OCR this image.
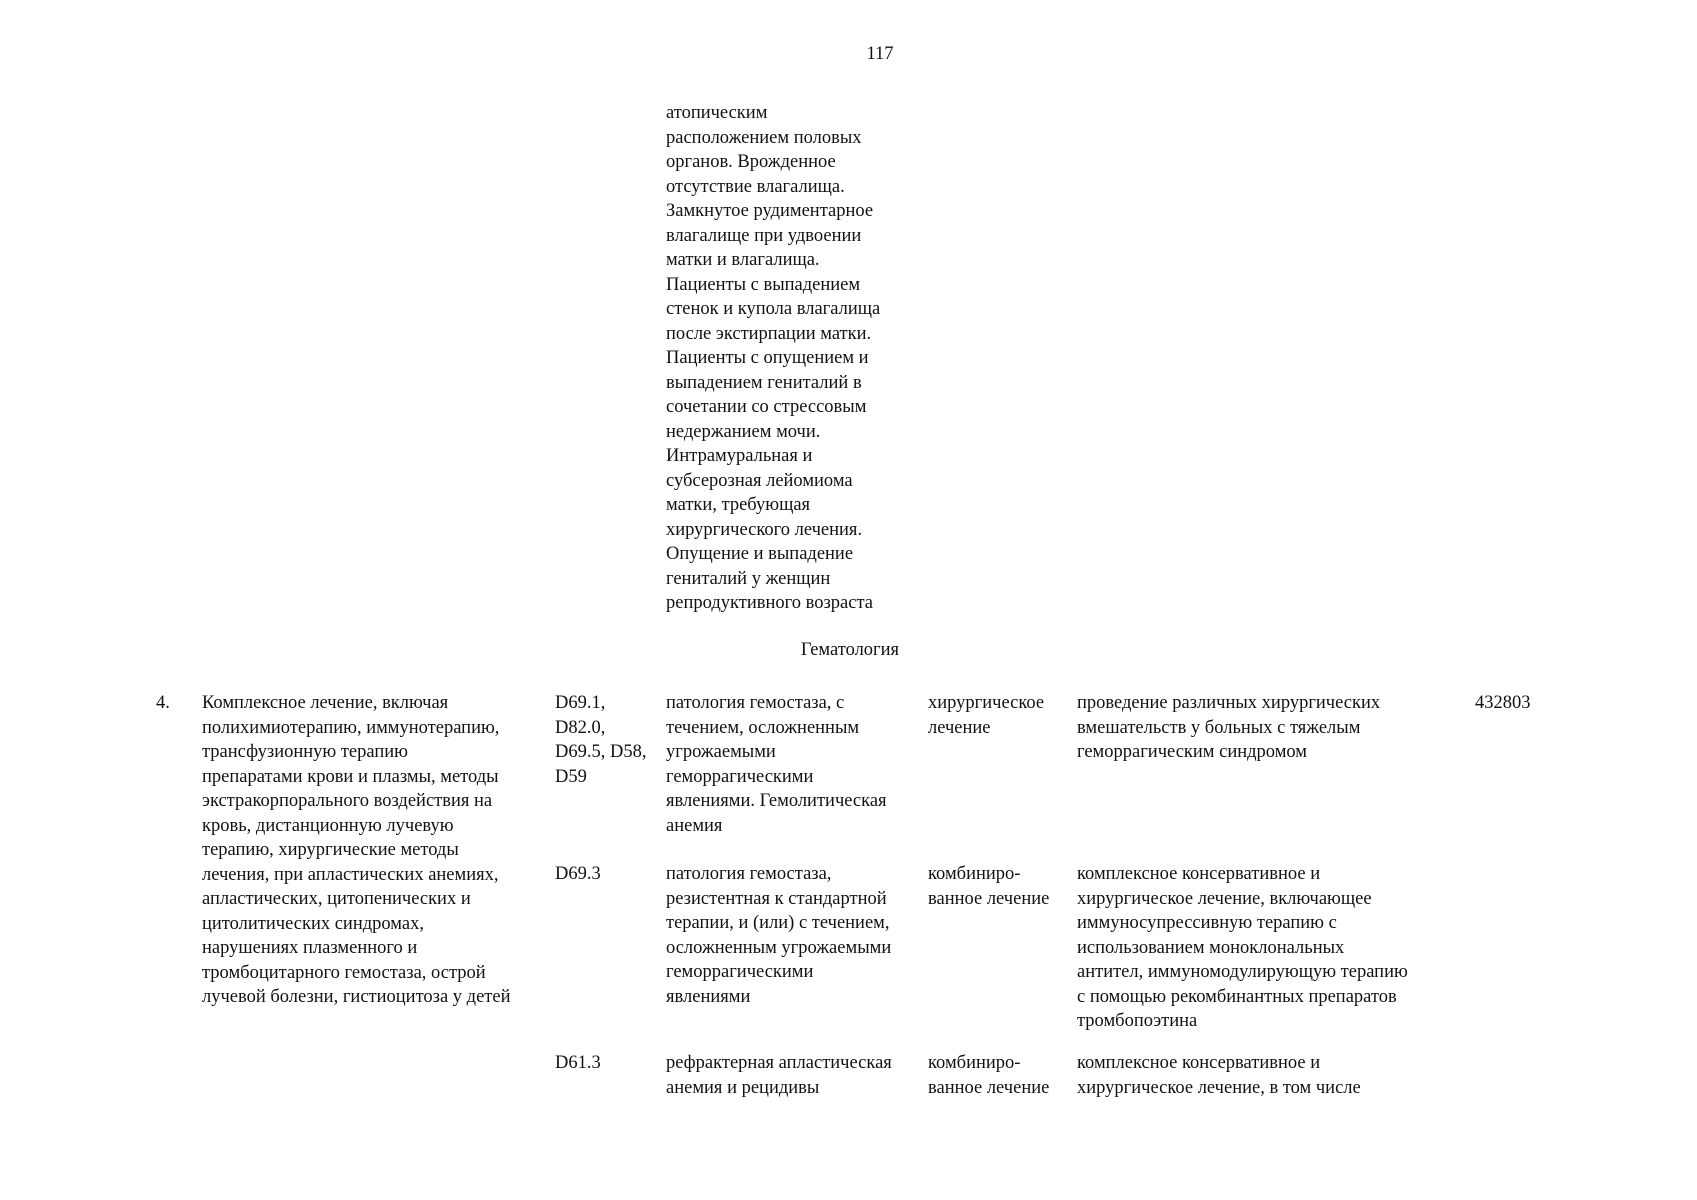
117
атопическим
расположением половых
органов. Врожденное
отсутствие влагалища.
Замкнутое рудиментарное
влагалище при удвоении
матки и влагалища.
Пациенты с выпадением
стенок и купола влагалища
после экстирпации матки.
Пациенты с опущением и
выпадением гениталий в
сочетании со стрессовым
недержанием мочи.
Интрамуральная и
субсерозная лейомиома
матки, требующая
хирургического лечения.
Опущение и выпадение
гениталий у женщин
репродуктивного возраста
Гематология
4. Комплексное лечение, включая
полихимиотерапию, иммунотерапию,
трансфузионную терапию
препаратами крови и плазмы, методы
экстракорпорального воздействия на
кровь, дистанционную лучевую
терапию, хирургические методы
лечения, при апластических анемиях,
апластических, цитопенических и
цитолитических синдромах,
нарушениях плазменного и
тромбоцитарного гемостаза, острой
лучевой болезни, гистиоцитоза у детей
432803
D69.1,
D82.0,
D69.5, D58,
D59
патология гемостаза, с
течением, осложненным
угрожаемыми
геморрагическими
явлениями. Гемолитическая
анемия
хирургическое
лечение
проведение различных хирургических
вмешательств у больных с тяжелым
геморрагическим синдромом
D69.3	патология гемостаза,
резистентная к стандартной
терапии, и (или) с течением,
осложненным угрожаемыми
геморрагическими
явлениями
комбиниро-
ванное лечение
комплексное консервативное и
хирургическое лечение, включающее
иммуносупрессивную терапию с
использованием моноклональных
антител, иммуномодулирующую терапию
с помощью рекомбинантных препаратов
тромбопоэтина
D61.3	рефрактерная апластическая
анемия и рецидивы
комбиниро-
ванное лечение
комплексное консервативное и
хирургическое лечение, в том числе
